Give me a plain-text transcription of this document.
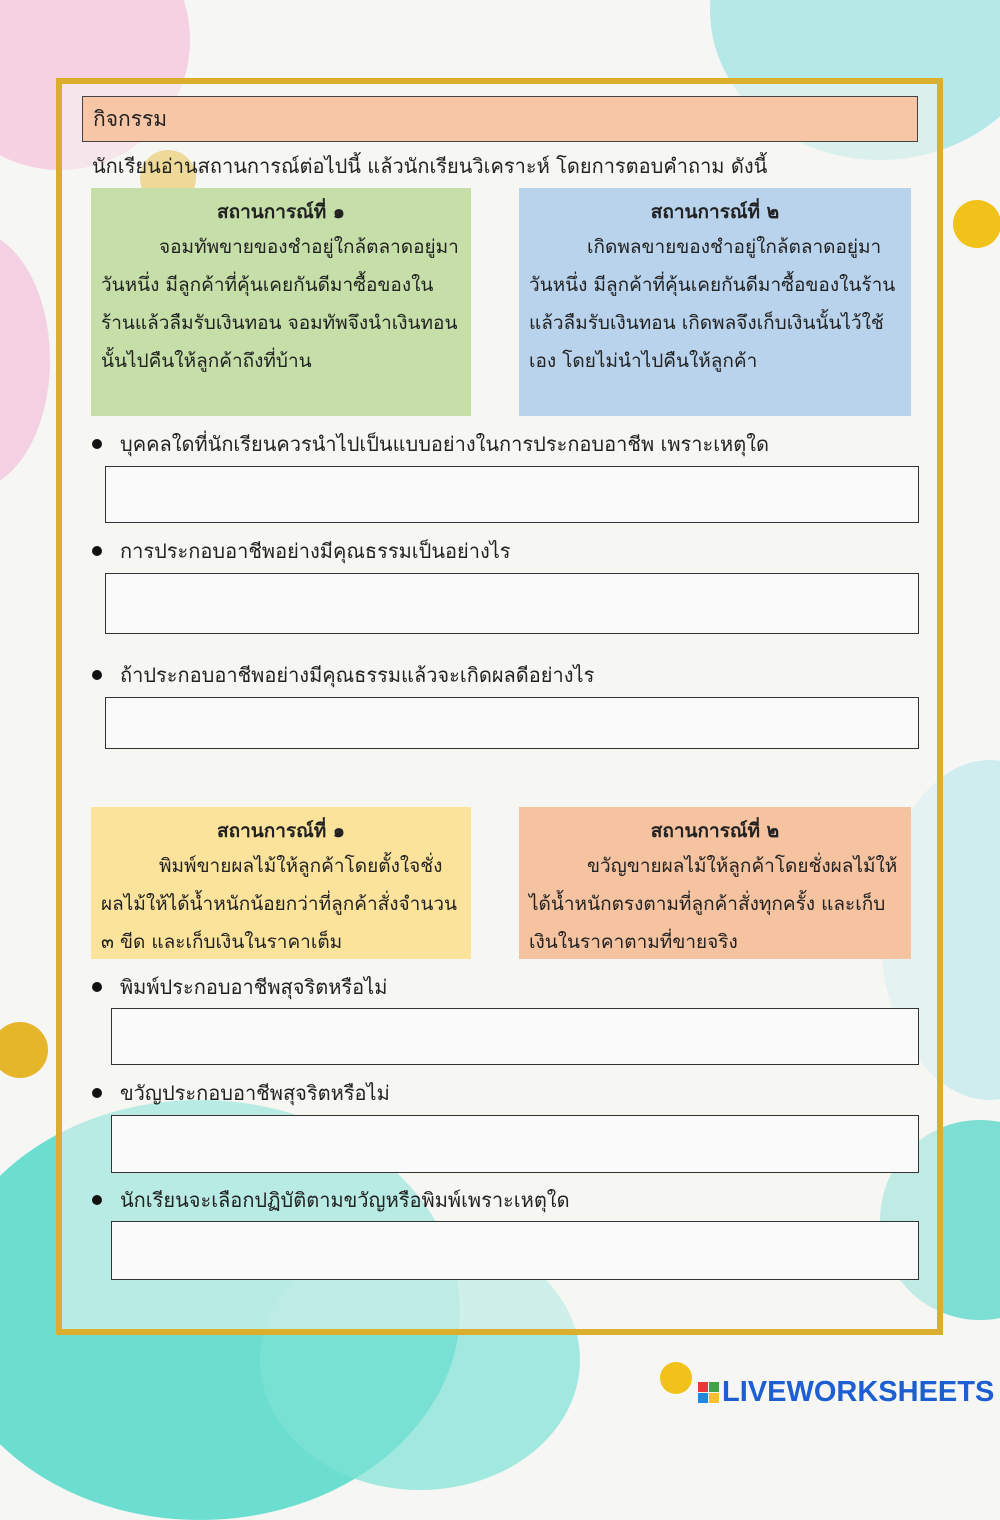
กิจกรรม
นักเรียนอ่านสถานการณ์ต่อไปนี้ แล้วนักเรียนวิเคราะห์ โดยการตอบคำถาม ดังนี้
สถานการณ์ที่ ๑
จอมทัพขายของชำอยู่ใกล้ตลาดอยู่มาวันหนึ่ง มีลูกค้าที่คุ้นเคยกันดีมาซื้อของในร้านแล้วลืมรับเงินทอน จอมทัพจึงนำเงินทอนนั้นไปคืนให้ลูกค้าถึงที่บ้าน
สถานการณ์ที่ ๒
เกิดพลขายของชำอยู่ใกล้ตลาดอยู่มาวันหนึ่ง มีลูกค้าที่คุ้นเคยกันดีมาซื้อของในร้านแล้วลืมรับเงินทอน เกิดพลจึงเก็บเงินนั้นไว้ใช้เอง โดยไม่นำไปคืนให้ลูกค้า
บุคคลใดที่นักเรียนควรนำไปเป็นแบบอย่างในการประกอบอาชีพ เพราะเหตุใด
การประกอบอาชีพอย่างมีคุณธรรมเป็นอย่างไร
ถ้าประกอบอาชีพอย่างมีคุณธรรมแล้วจะเกิดผลดีอย่างไร
สถานการณ์ที่ ๑
พิมพ์ขายผลไม้ให้ลูกค้าโดยตั้งใจชั่งผลไม้ให้ได้น้ำหนักน้อยกว่าที่ลูกค้าสั่งจำนวน ๓ ขีด และเก็บเงินในราคาเต็ม
สถานการณ์ที่ ๒
ขวัญขายผลไม้ให้ลูกค้าโดยชั่งผลไม้ให้ได้น้ำหนักตรงตามที่ลูกค้าสั่งทุกครั้ง และเก็บเงินในราคาตามที่ขายจริง
พิมพ์ประกอบอาชีพสุจริตหรือไม่
ขวัญประกอบอาชีพสุจริตหรือไม่
นักเรียนจะเลือกปฏิบัติตามขวัญหรือพิมพ์เพราะเหตุใด
LIVE WORKSHEETS
